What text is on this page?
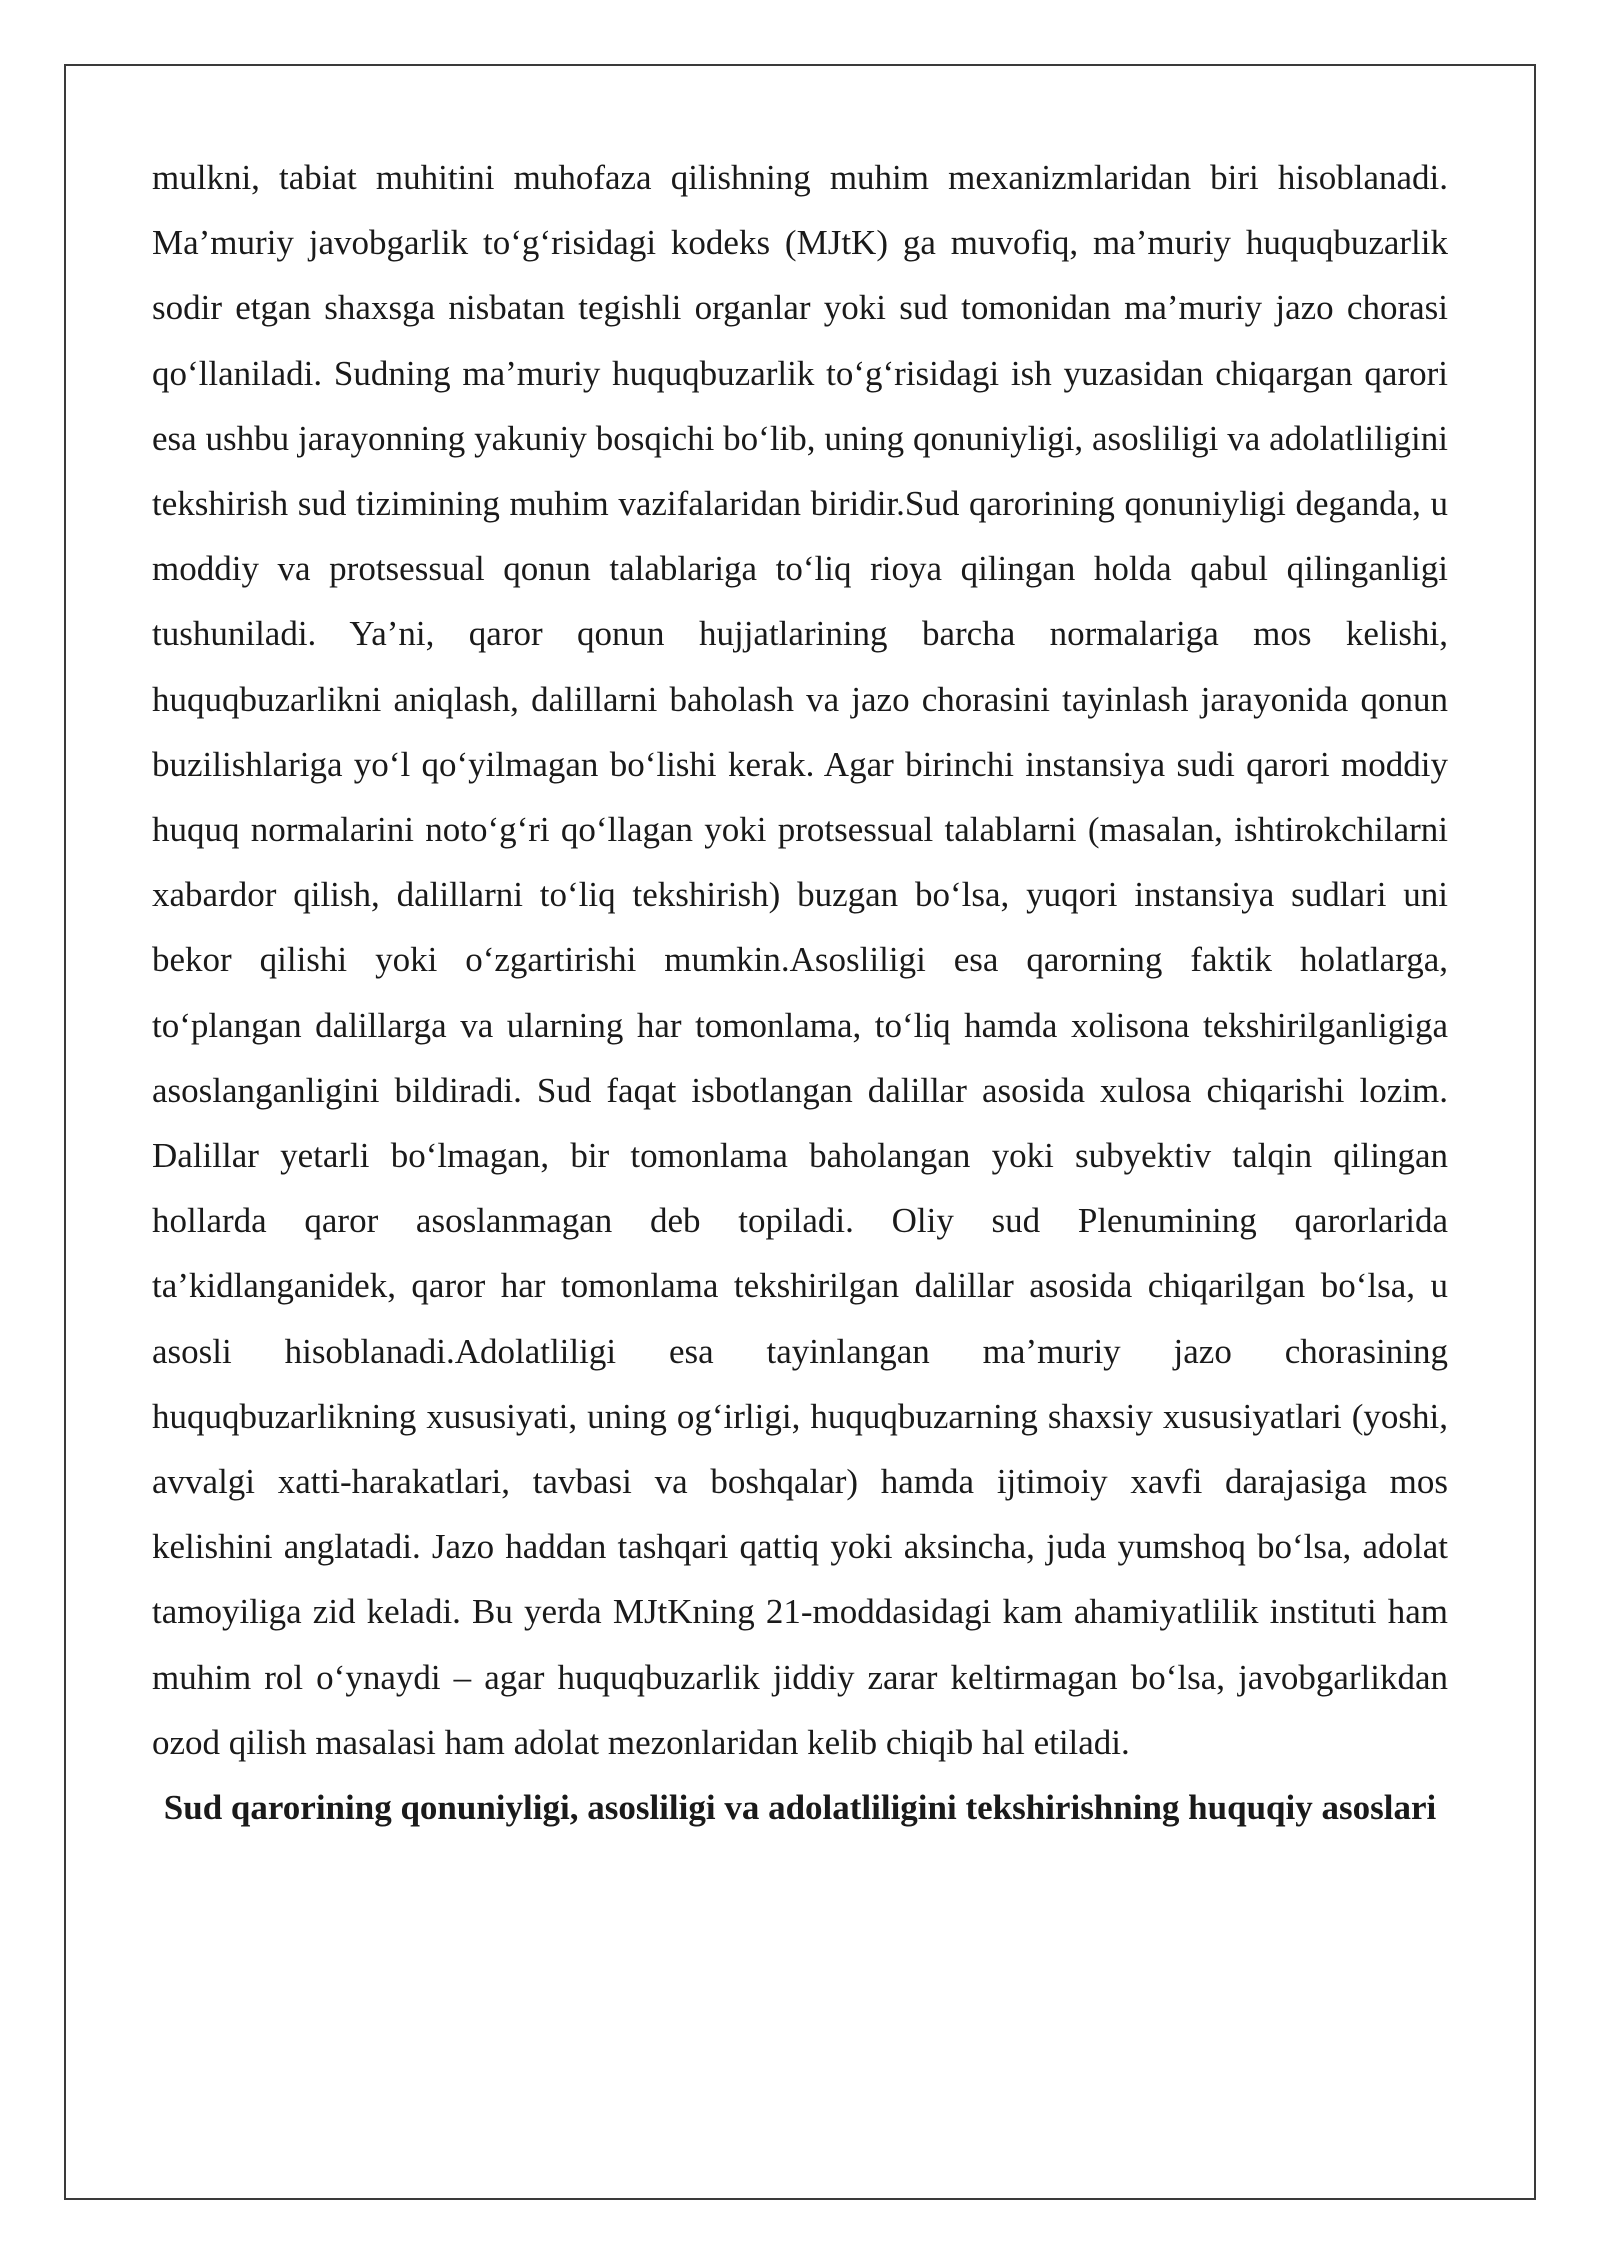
mulkni, tabiat muhitini muhofaza qilishning muhim mexanizmlaridan biri hisoblanadi. Ma’muriy javobgarlik to‘g‘risidagi kodeks (MJtK) ga muvofiq, ma’muriy huquqbuzarlik sodir etgan shaxsga nisbatan tegishli organlar yoki sud tomonidan ma’muriy jazo chorasi qo‘llaniladi. Sudning ma’muriy huquqbuzarlik to‘g‘risidagi ish yuzasidan chiqargan qarori esa ushbu jarayonning yakuniy bosqichi bo‘lib, uning qonuniyligi, asosliligi va adolatliligini tekshirish sud tizimining muhim vazifalaridan biridir.Sud qarorining qonuniyligi deganda, u moddiy va protsessual qonun talablariga to‘liq rioya qilingan holda qabul qilinganligi tushuniladi. Ya’ni, qaror qonun hujjatlarining barcha normalariga mos kelishi, huquqbuzarlikni aniqlash, dalillarni baholash va jazo chorasini tayinlash jarayonida qonun buzilishlariga yo‘l qo‘yilmagan bo‘lishi kerak. Agar birinchi instansiya sudi qarori moddiy huquq normalarini noto‘g‘ri qo‘llagan yoki protsessual talablarni (masalan, ishtirokchilarni xabardor qilish, dalillarni to‘liq tekshirish) buzgan bo‘lsa, yuqori instansiya sudlari uni bekor qilishi yoki o‘zgartirishi mumkin.Asosliligi esa qarorning faktik holatlarga, to‘plangan dalillarga va ularning har tomonlama, to‘liq hamda xolisona tekshirilganligiga asoslanganligini bildiradi. Sud faqat isbotlangan dalillar asosida xulosa chiqarishi lozim. Dalillar yetarli bo‘lmagan, bir tomonlama baholangan yoki subyektiv talqin qilingan hollarda qaror asoslanmagan deb topiladi. Oliy sud Plenumining qarorlarida ta’kidlanganidek, qaror har tomonlama tekshirilgan dalillar asosida chiqarilgan bo‘lsa, u asosli hisoblanadi.Adolatliligi esa tayinlangan ma’muriy jazo chorasining huquqbuzarlikning xususiyati, uning og‘irligi, huquqbuzarning shaxsiy xususiyatlari (yoshi, avvalgi xatti-harakatlari, tavbasi va boshqalar) hamda ijtimoiy xavfi darajasiga mos kelishini anglatadi. Jazo haddan tashqari qattiq yoki aksincha, juda yumshoq bo‘lsa, adolat tamoyiliga zid keladi. Bu yerda MJtKning 21-moddasidagi kam ahamiyatlilik instituti ham muhim rol o‘ynaydi – agar huquqbuzarlik jiddiy zarar keltirmagan bo‘lsa, javobgarlikdan ozod qilish masalasi ham adolat mezonlaridan kelib chiqib hal etiladi.

Sud qarorining qonuniyligi, asosliligi va adolatliligini tekshirishning huquqiy asoslari
